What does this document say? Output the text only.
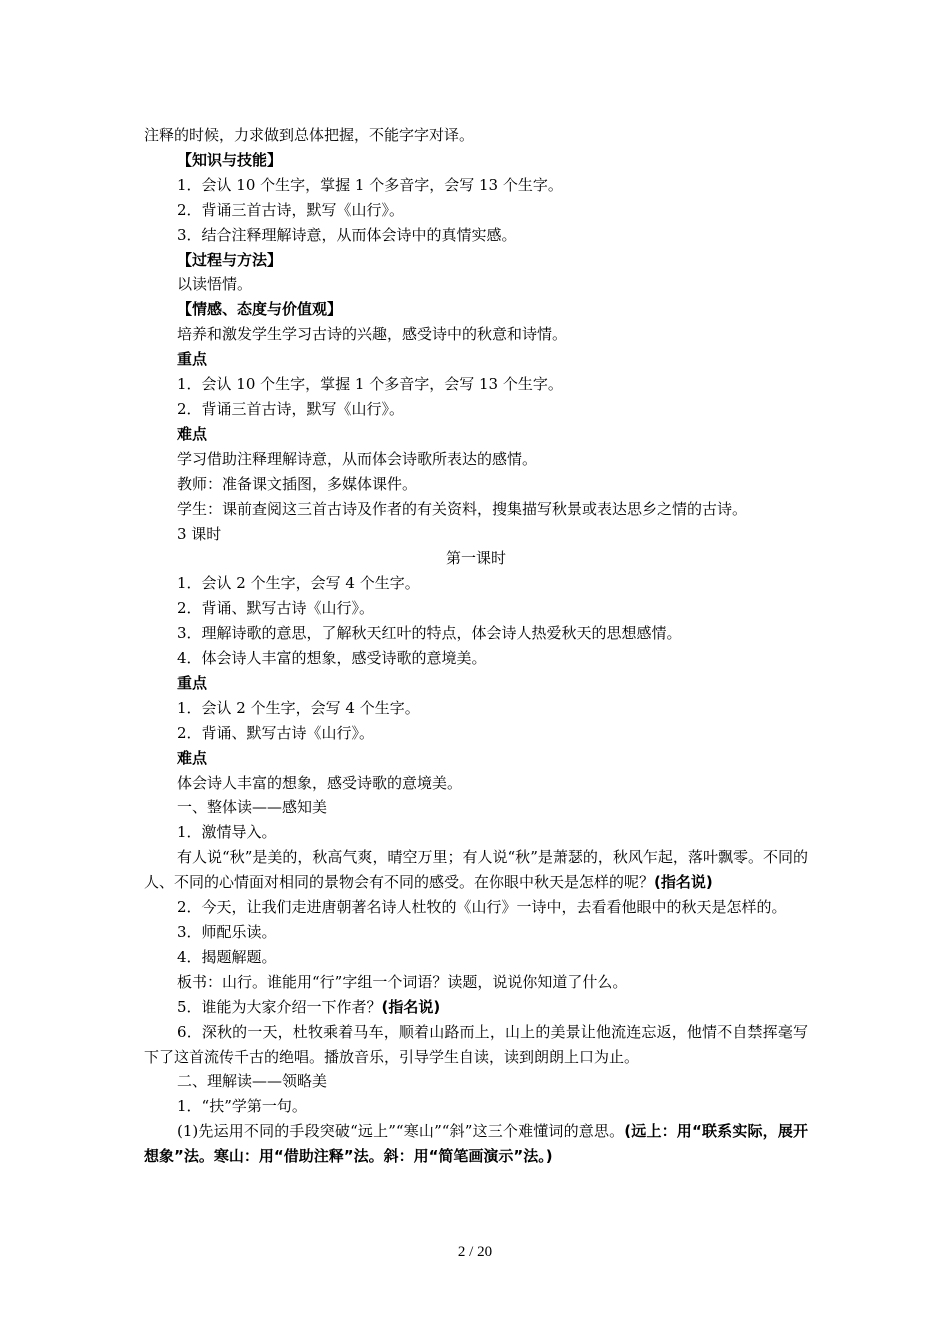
注释的时候，力求做到总体把握，不能字字对译。

【知识与技能】

1．会认 10 个生字，掌握 1 个多音字，会写 13 个生字。

2．背诵三首古诗，默写《山行》。

3．结合注释理解诗意，从而体会诗中的真情实感。

【过程与方法】

以读悟情。

【情感、态度与价值观】

培养和激发学生学习古诗的兴趣，感受诗中的秋意和诗情。

重点

1．会认 10 个生字，掌握 1 个多音字，会写 13 个生字。

2．背诵三首古诗，默写《山行》。

难点

学习借助注释理解诗意，从而体会诗歌所表达的感情。

教师：准备课文插图，多媒体课件。

学生：课前查阅这三首古诗及作者的有关资料，搜集描写秋景或表达思乡之情的古诗。

3 课时

第一课时

1．会认 2 个生字，会写 4 个生字。

2．背诵、默写古诗《山行》。

3．理解诗歌的意思，了解秋天红叶的特点，体会诗人热爱秋天的思想感情。

4．体会诗人丰富的想象，感受诗歌的意境美。

重点

1．会认 2 个生字，会写 4 个生字。

2．背诵、默写古诗《山行》。

难点

体会诗人丰富的想象，感受诗歌的意境美。

一、整体读——感知美

1．激情导入。

有人说“秋”是美的，秋高气爽，晴空万里；有人说“秋”是萧瑟的，秋风乍起，落叶飘零。不同的人、不同的心情面对相同的景物会有不同的感受。在你眼中秋天是怎样的呢？(指名说)

2．今天，让我们走进唐朝著名诗人杜牧的《山行》一诗中，去看看他眼中的秋天是怎样的。

3．师配乐读。

4．揭题解题。

板书：山行。谁能用“行”字组一个词语？读题，说说你知道了什么。

5．谁能为大家介绍一下作者？(指名说)

6．深秋的一天，杜牧乘着马车，顺着山路而上，山上的美景让他流连忘返，他情不自禁挥毫写下了这首流传千古的绝唱。播放音乐，引导学生自读，读到朗朗上口为止。

二、理解读——领略美

1．“扶”学第一句。

(1)先运用不同的手段突破“远上”“寒山”“斜”这三个难懂词的意思。(远上：用“联系实际，展开想象”法。寒山：用“借助注释”法。斜：用“简笔画演示”法。)

2 / 20
